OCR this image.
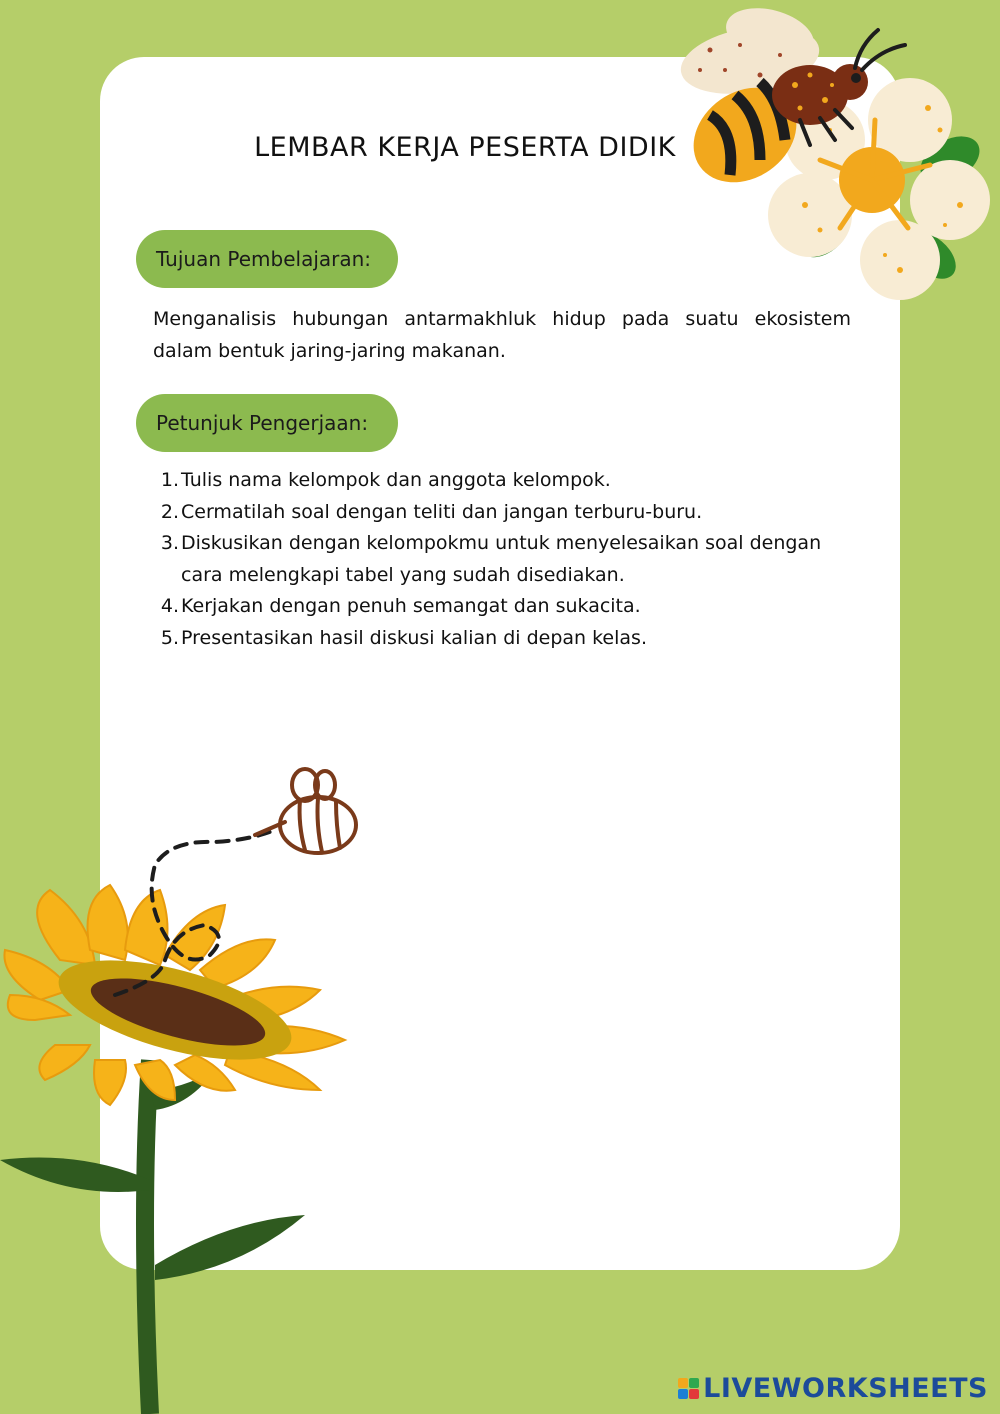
LEMBAR KERJA PESERTA DIDIK
Tujuan Pembelajaran:
Menganalisis hubungan antarmakhluk hidup pada suatu ekosistem dalam bentuk jaring-jaring makanan.
Petunjuk Pengerjaan:
1. Tulis nama kelompok dan anggota kelompok.
2. Cermatilah soal dengan teliti dan jangan terburu-buru.
3. Diskusikan dengan kelompokmu untuk menyelesaikan soal dengan cara melengkapi tabel yang sudah disediakan.
4. Kerjakan dengan penuh semangat dan sukacita.
5. Presentasikan hasil diskusi kalian di depan kelas.
LIVEWORKSHEETS
